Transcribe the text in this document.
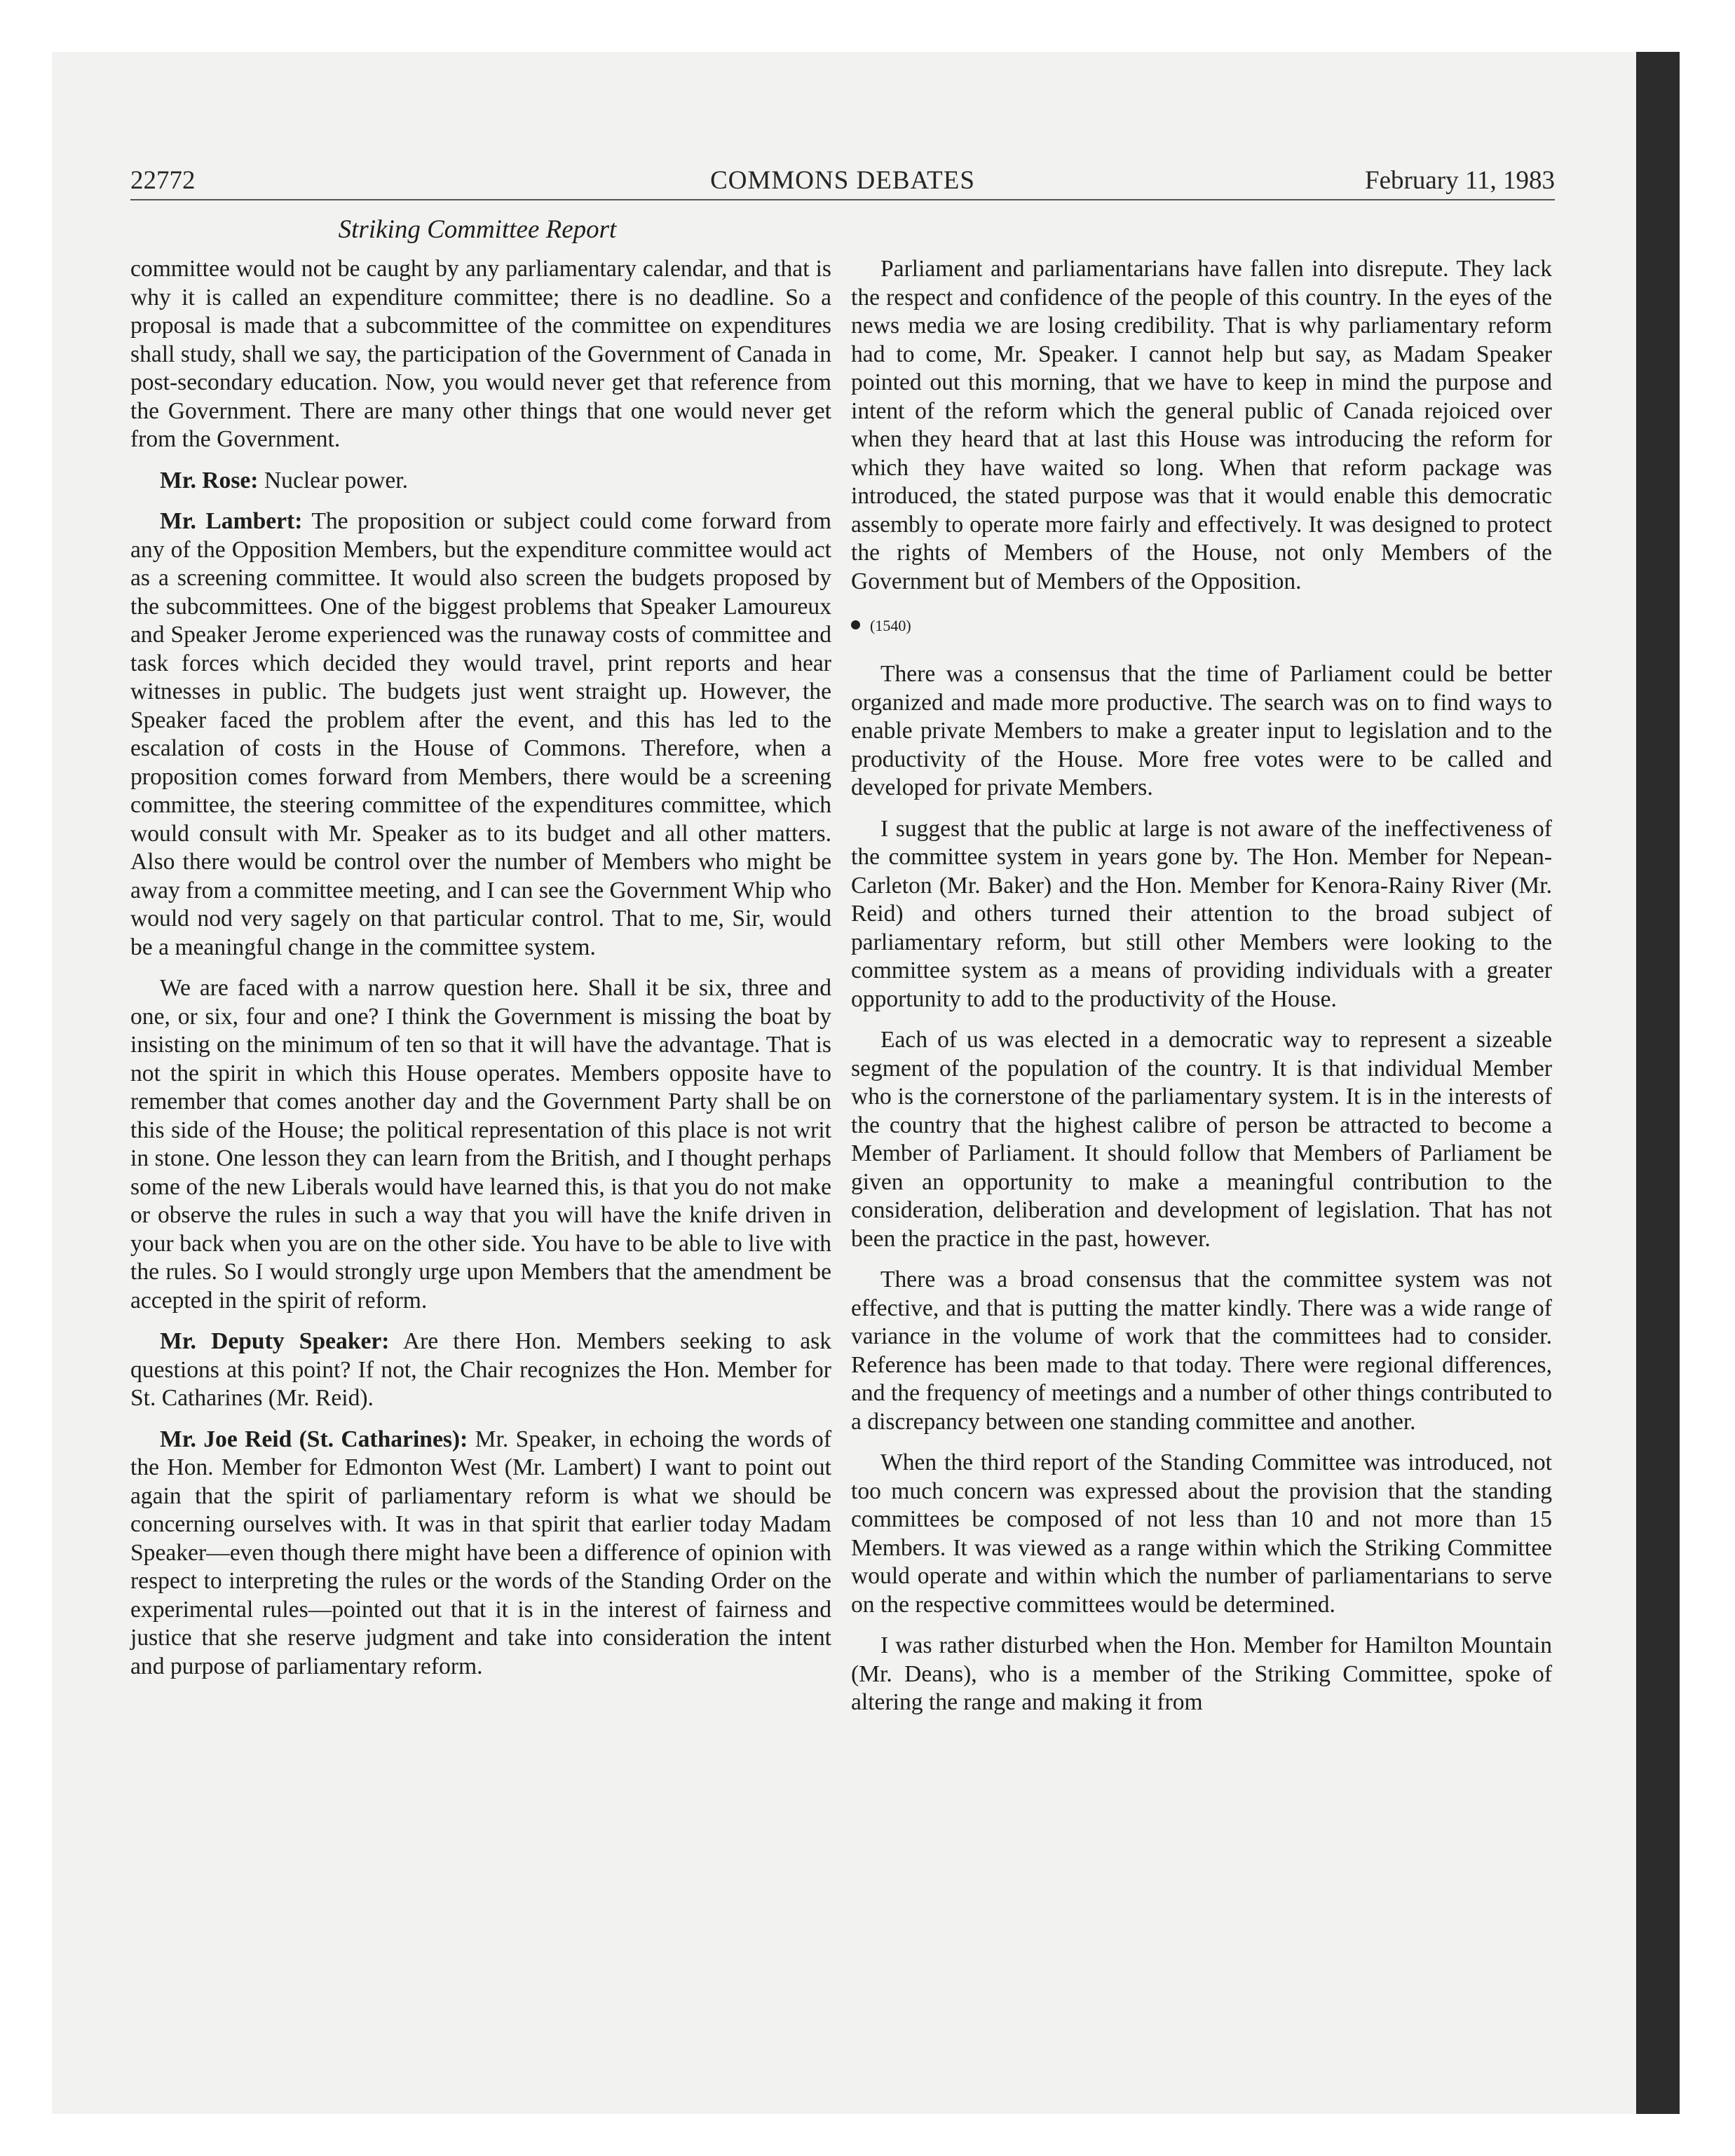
22772	COMMONS DEBATES	February 11, 1983
Striking Committee Report

committee would not be caught by any parliamentary calendar, and that is why it is called an expenditure committee; there is no deadline. So a proposal is made that a subcommittee of the committee on expenditures shall study, shall we say, the participation of the Government of Canada in post-secondary education. Now, you would never get that reference from the Government. There are many other things that one would never get from the Government.

Mr. Rose: Nuclear power.

Mr. Lambert: The proposition or subject could come forward from any of the Opposition Members, but the expenditure committee would act as a screening committee. It would also screen the budgets proposed by the subcommittees. One of the biggest problems that Speaker Lamoureux and Speaker Jerome experienced was the runaway costs of committee and task forces which decided they would travel, print reports and hear witnesses in public. The budgets just went straight up. However, the Speaker faced the problem after the event, and this has led to the escalation of costs in the House of Commons. Therefore, when a proposition comes forward from Members, there would be a screening committee, the steering committee of the expenditures committee, which would consult with Mr. Speaker as to its budget and all other matters. Also there would be control over the number of Members who might be away from a committee meeting, and I can see the Government Whip who would nod very sagely on that particular control. That to me, Sir, would be a meaningful change in the committee system.

We are faced with a narrow question here. Shall it be six, three and one, or six, four and one? I think the Government is missing the boat by insisting on the minimum of ten so that it will have the advantage. That is not the spirit in which this House operates. Members opposite have to remember that comes another day and the Government Party shall be on this side of the House; the political representation of this place is not writ in stone. One lesson they can learn from the British, and I thought perhaps some of the new Liberals would have learned this, is that you do not make or observe the rules in such a way that you will have the knife driven in your back when you are on the other side. You have to be able to live with the rules. So I would strongly urge upon Members that the amendment be accepted in the spirit of reform.

Mr. Deputy Speaker: Are there Hon. Members seeking to ask questions at this point? If not, the Chair recognizes the Hon. Member for St. Catharines (Mr. Reid).

Mr. Joe Reid (St. Catharines): Mr. Speaker, in echoing the words of the Hon. Member for Edmonton West (Mr. Lambert) I want to point out again that the spirit of parliamentary reform is what we should be concerning ourselves with. It was in that spirit that earlier today Madam Speaker—even though there might have been a difference of opinion with respect to interpreting the rules or the words of the Standing Order on the experimental rules—pointed out that it is in the interest of fairness and justice that she reserve judgment and take into consideration the intent and purpose of parliamentary reform.

Parliament and parliamentarians have fallen into disrepute. They lack the respect and confidence of the people of this country. In the eyes of the news media we are losing credibility. That is why parliamentary reform had to come, Mr. Speaker. I cannot help but say, as Madam Speaker pointed out this morning, that we have to keep in mind the purpose and intent of the reform which the general public of Canada rejoiced over when they heard that at last this House was introducing the reform for which they have waited so long. When that reform package was introduced, the stated purpose was that it would enable this democratic assembly to operate more fairly and effectively. It was designed to protect the rights of Members of the House, not only Members of the Government but of Members of the Opposition.

(1540)

There was a consensus that the time of Parliament could be better organized and made more productive. The search was on to find ways to enable private Members to make a greater input to legislation and to the productivity of the House. More free votes were to be called and developed for private Members.

I suggest that the public at large is not aware of the ineffectiveness of the committee system in years gone by. The Hon. Member for Nepean-Carleton (Mr. Baker) and the Hon. Member for Kenora-Rainy River (Mr. Reid) and others turned their attention to the broad subject of parliamentary reform, but still other Members were looking to the committee system as a means of providing individuals with a greater opportunity to add to the productivity of the House.

Each of us was elected in a democratic way to represent a sizeable segment of the population of the country. It is that individual Member who is the cornerstone of the parliamentary system. It is in the interests of the country that the highest calibre of person be attracted to become a Member of Parliament. It should follow that Members of Parliament be given an opportunity to make a meaningful contribution to the consideration, deliberation and development of legislation. That has not been the practice in the past, however.

There was a broad consensus that the committee system was not effective, and that is putting the matter kindly. There was a wide range of variance in the volume of work that the committees had to consider. Reference has been made to that today. There were regional differences, and the frequency of meetings and a number of other things contributed to a discrepancy between one standing committee and another.

When the third report of the Standing Committee was introduced, not too much concern was expressed about the provision that the standing committees be composed of not less than 10 and not more than 15 Members. It was viewed as a range within which the Striking Committee would operate and within which the number of parliamentarians to serve on the respective committees would be determined.

I was rather disturbed when the Hon. Member for Hamilton Mountain (Mr. Deans), who is a member of the Striking Committee, spoke of altering the range and making it from
